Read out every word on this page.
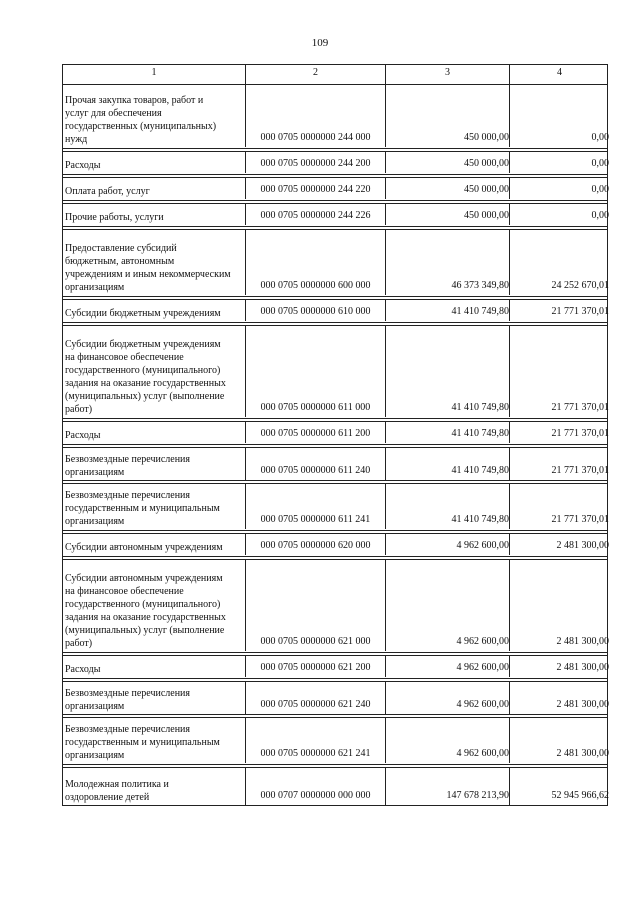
109
1	2	3	4
Прочая закупка товаров, работ и
услуг для обеспечения
государственных (муниципальных)
нужд	000 0705 0000000 244 000	450 000,00	0,00
Расходы	000 0705 0000000 244 200	450 000,00	0,00
Оплата работ, услуг	000 0705 0000000 244 220	450 000,00	0,00
Прочие работы, услуги	000 0705 0000000 244 226	450 000,00	0,00
Предоставление субсидий
бюджетным, автономным
учреждениям и иным некоммерческим
организациям	000 0705 0000000 600 000	46 373 349,80	24 252 670,01
Субсидии бюджетным учреждениям	000 0705 0000000 610 000	41 410 749,80	21 771 370,01
Субсидии бюджетным учреждениям
на финансовое обеспечение
государственного (муниципального)
задания на оказание государственных
(муниципальных) услуг (выполнение
работ)	000 0705 0000000 611 000	41 410 749,80	21 771 370,01
Расходы	000 0705 0000000 611 200	41 410 749,80	21 771 370,01
Безвозмездные перечисления
организациям	000 0705 0000000 611 240	41 410 749,80	21 771 370,01
Безвозмездные перечисления
государственным и муниципальным
организациям	000 0705 0000000 611 241	41 410 749,80	21 771 370,01
Субсидии автономным учреждениям	000 0705 0000000 620 000	4 962 600,00	2 481 300,00
Субсидии автономным учреждениям
на финансовое обеспечение
государственного (муниципального)
задания на оказание государственных
(муниципальных) услуг (выполнение
работ)	000 0705 0000000 621 000	4 962 600,00	2 481 300,00
Расходы	000 0705 0000000 621 200	4 962 600,00	2 481 300,00
Безвозмездные перечисления
организациям	000 0705 0000000 621 240	4 962 600,00	2 481 300,00
Безвозмездные перечисления
государственным и муниципальным
организациям	000 0705 0000000 621 241	4 962 600,00	2 481 300,00
Молодежная политика и
оздоровление детей	000 0707 0000000 000 000	147 678 213,90	52 945 966,62
